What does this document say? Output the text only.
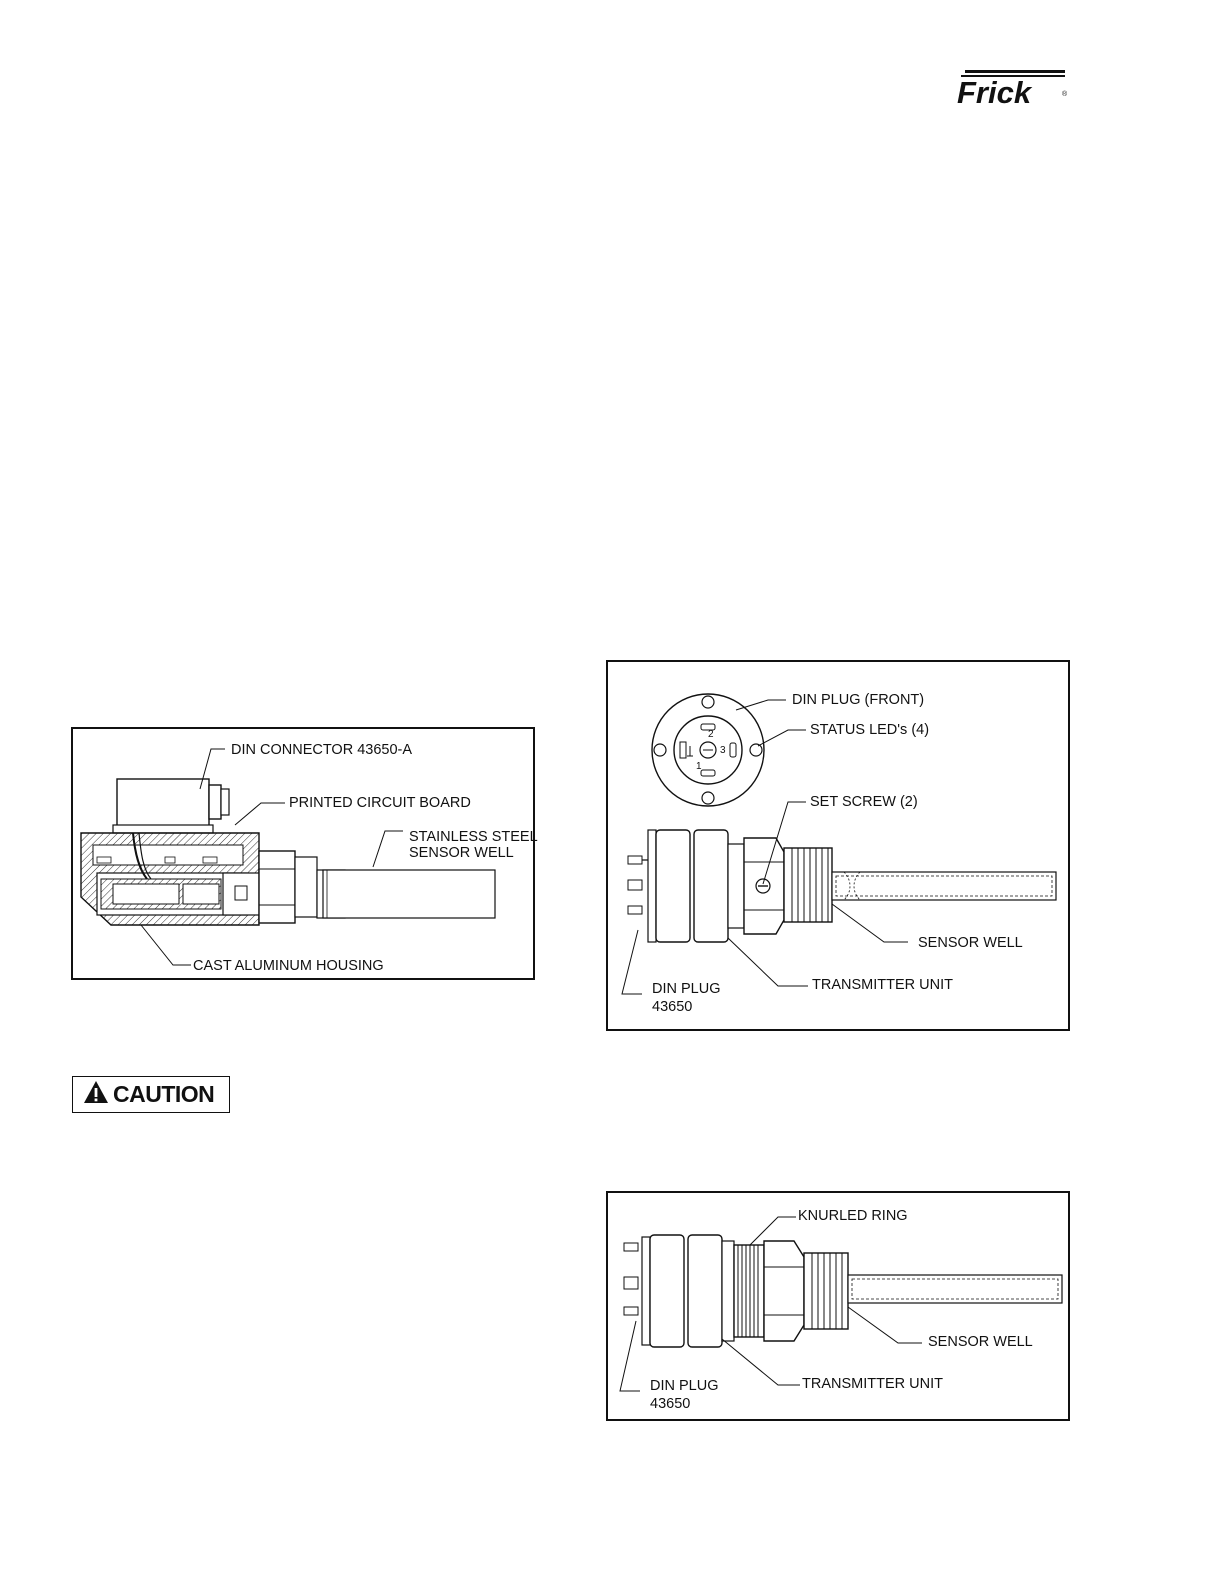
Frick	®
DIN CONNECTOR 43650-A
PRINTED CIRCUIT BOARD
STAINLESS STEEL
SENSOR WELL
CAST ALUMINUM HOUSING
DIN PLUG (FRONT)
STATUS LED's (4)
SET SCREW (2)
SENSOR WELL
TRANSMITTER UNIT
DIN PLUG
43650
2
3
1
CAUTION
KNURLED RING
SENSOR WELL
TRANSMITTER UNIT
DIN PLUG
43650
